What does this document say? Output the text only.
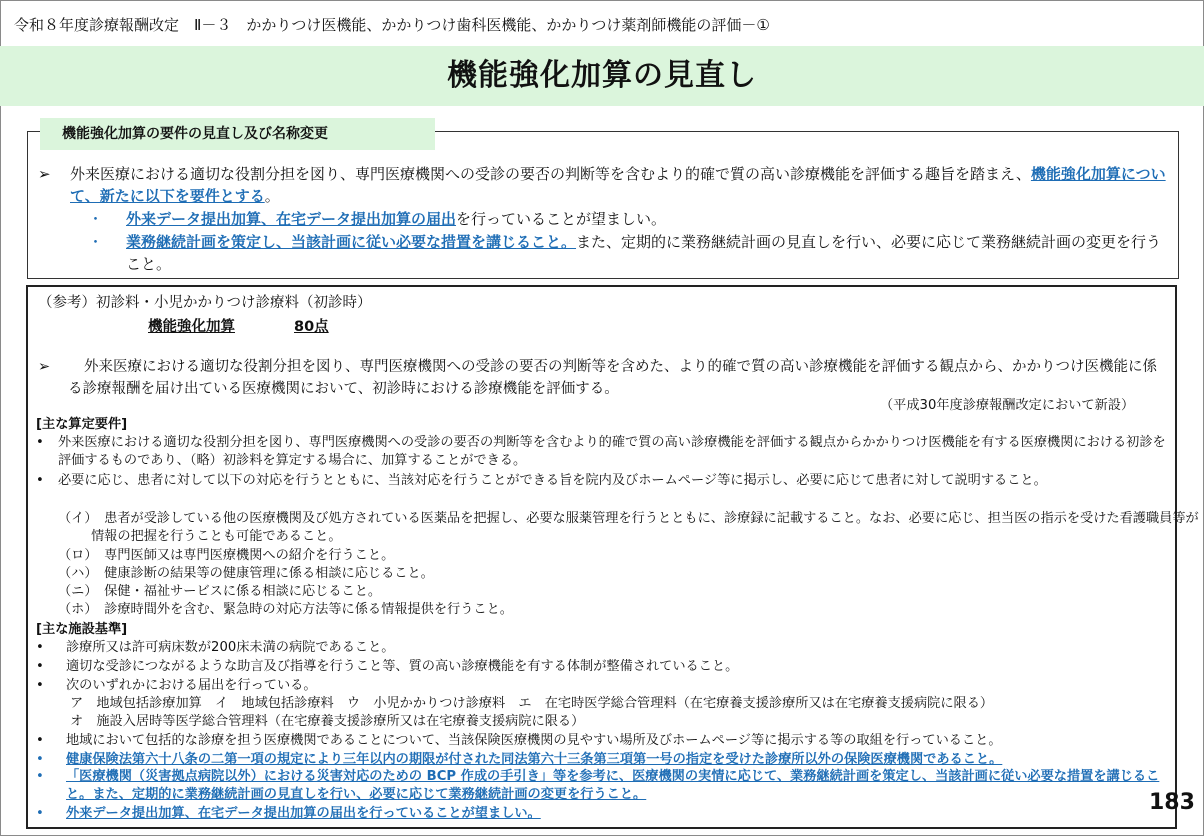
令和８年度診療報酬改定　Ⅱ－３　かかりつけ医機能、かかりつけ歯科医機能、かかりつけ薬剤師機能の評価－①
機能強化加算の見直し
機能強化加算の要件の見直し及び名称変更
➢ 外来医療における適切な役割分担を図り、専門医療機関への受診の要否の判断等を含むより的確で質の高い診療機能を評価する趣旨を踏まえ、機能強化加算について、新たに以下を要件とする。
・ 外来データ提出加算、在宅データ提出加算の届出を行っていることが望ましい。
・ 業務継続計画を策定し、当該計画に従い必要な措置を講じること。また、定期的に業務継続計画の見直しを行い、必要に応じて業務継続計画の変更を行うこと。
（参考）初診料・小児かかりつけ診療料（初診時）
機能強化加算	80点
➢	外来医療における適切な役割分担を図り、専門医療機関への受診の要否の判断等を含めた、より的確で質の高い診療機能を評価する観点から、かかりつけ医機能に係る診療報酬を届け出ている医療機関において、初診時における診療機能を評価する。
（平成30年度診療報酬改定において新設）
[主な算定要件]
• 外来医療における適切な役割分担を図り、専門医療機関への受診の要否の判断等を含むより的確で質の高い診療機能を評価する観点からかかりつけ医機能を有する医療機関における初診を評価するものであり、（略）初診料を算定する場合に、加算することができる。
• 必要に応じ、患者に対して以下の対応を行うとともに、当該対応を行うことができる旨を院内及びホームページ等に掲示し、必要に応じて患者に対して説明すること。
（イ）　患者が受診している他の医療機関及び処方されている医薬品を把握し、必要な服薬管理を行うとともに、診療録に記載すること。なお、必要に応じ、担当医の指示を受けた看護職員等が情報の把握を行うことも可能であること。
（ロ）　専門医師又は専門医療機関への紹介を行うこと。
（ハ）　健康診断の結果等の健康管理に係る相談に応じること。
（ニ）　保健・福祉サービスに係る相談に応じること。
（ホ）　診療時間外を含む、緊急時の対応方法等に係る情報提供を行うこと。
[主な施設基準]
• 診療所又は許可病床数が200床未満の病院であること。
• 適切な受診につながるような助言及び指導を行うこと等、質の高い診療機能を有する体制が整備されていること。
• 次のいずれかにおける届出を行っている。
ア　地域包括診療加算　イ　地域包括診療料　ウ　小児かかりつけ診療料　エ　在宅時医学総合管理料（在宅療養支援診療所又は在宅療養支援病院に限る）
オ　施設入居時等医学総合管理料（在宅療養支援診療所又は在宅療養支援病院に限る）
• 地域において包括的な診療を担う医療機関であることについて、当該保険医療機関の見やすい場所及びホームページ等に掲示する等の取組を行っていること。
• 健康保険法第六十八条の二第一項の規定により三年以内の期限が付された同法第六十三条第三項第一号の指定を受けた診療所以外の保険医療機関であること。
• 「医療機関（災害拠点病院以外）における災害対応のための BCP 作成の手引き」等を参考に、医療機関の実情に応じて、業務継続計画を策定し、当該計画に従い必要な措置を講じること。また、定期的に業務継続計画の見直しを行い、必要に応じて業務継続計画の変更を行うこと。
• 外来データ提出加算、在宅データ提出加算の届出を行っていることが望ましい。	183
